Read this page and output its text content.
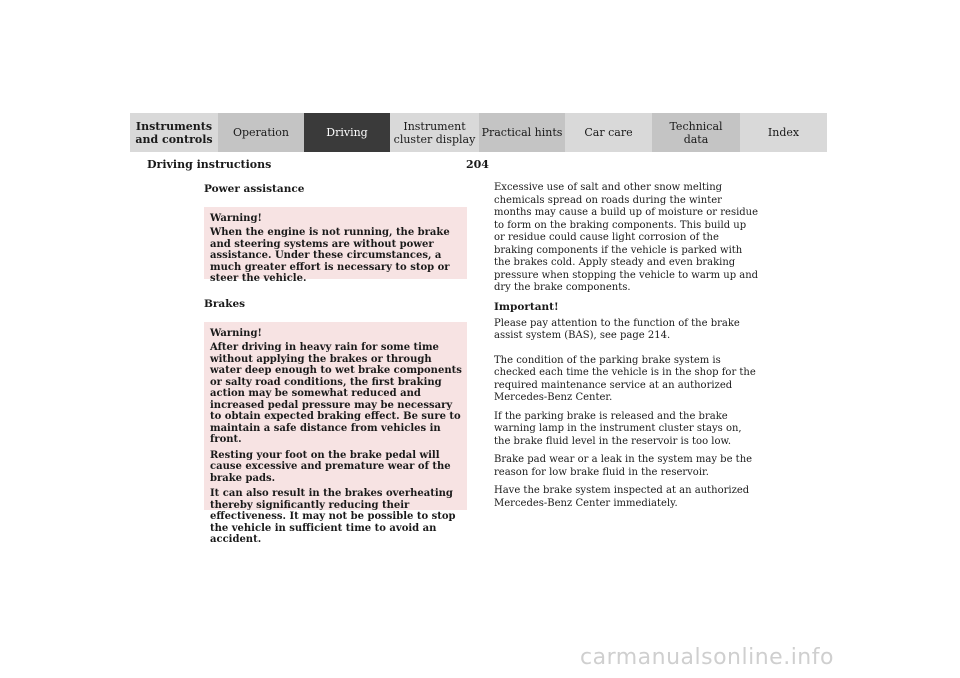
Instruments
and controls	Operation	Driving	Instrument
cluster display Practical hints	Car care	Technical
data	Index
Driving instructions	204
Power assistance
Warning!

When the engine is not running, the brake and steering systems are without power assistance. Under these circumstances, a much greater effort is necessary to stop or steer the vehicle.

Brakes
Warning!

After driving in heavy rain for some time without applying the brakes or through water deep enough to wet brake components or salty road conditions, the first braking action may be somewhat reduced and increased pedal pressure may be necessary to obtain expected braking effect. Be sure to maintain a safe distance from vehicles in front.

Resting your foot on the brake pedal will cause excessive and premature wear of the brake pads.

It can also result in the brakes overheating thereby significantly reducing their effectiveness. It may not be possible to stop the vehicle in sufficient time to avoid an accident.

Excessive use of salt and other snow melting chemicals spread on roads during the winter months may cause a build up of moisture or residue to form on the braking components. This build up or residue could cause light corrosion of the braking components if the vehicle is parked with the brakes cold. Apply steady and even braking pressure when stopping the vehicle to warm up and dry the brake components.

Important!

Please pay attention to the function of the brake assist system (BAS), see page 214.

The condition of the parking brake system is checked each time the vehicle is in the shop for the required maintenance service at an authorized Mercedes-Benz Center.

If the parking brake is released and the brake warning lamp in the instrument cluster stays on, the brake fluid level in the reservoir is too low.

Brake pad wear or a leak in the system may be the reason for low brake fluid in the reservoir.

Have the brake system inspected at an authorized Mercedes-Benz Center immediately.

carmanualsonline.info
